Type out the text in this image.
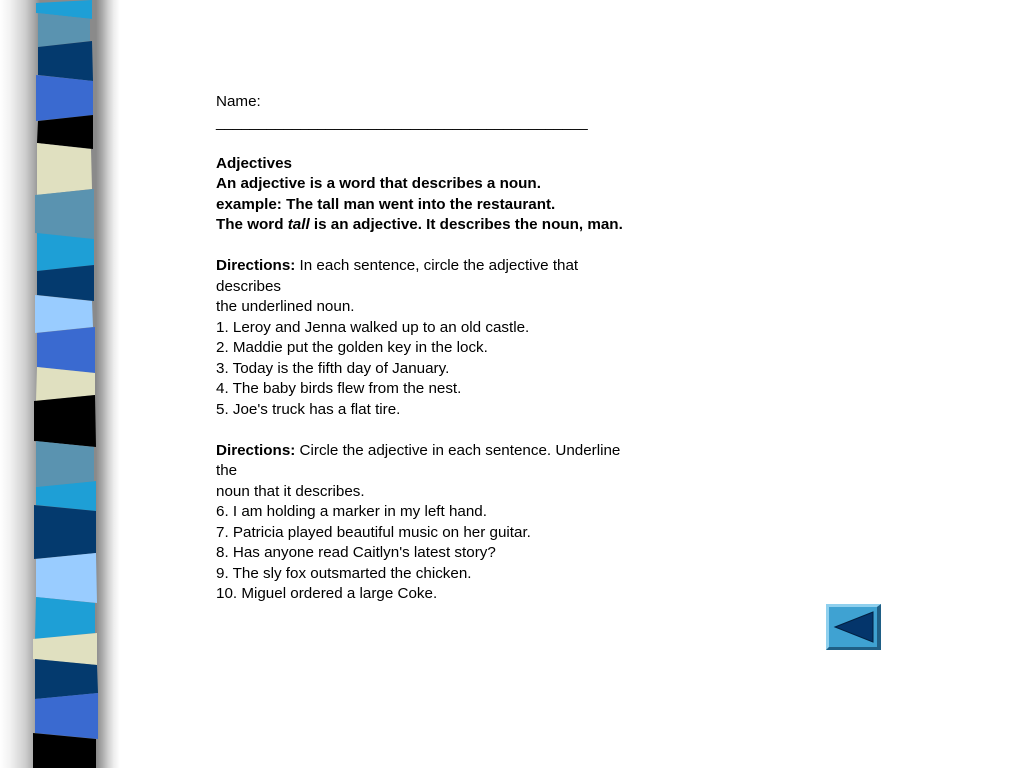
Name:

____________________________________________

Adjectives

An adjective is a word that describes a noun.

example: The tall man went into the restaurant.

The word tall is an adjective. It describes the noun, man.

Directions: In each sentence, circle the adjective that

describes

the underlined noun.

1. Leroy and Jenna walked up to an old castle.

2. Maddie put the golden key in the lock.

3. Today is the fifth day of January.

4. The baby birds flew from the nest.

5. Joe's truck has a flat tire.

Directions: Circle the adjective in each sentence. Underline

the

noun that it describes.

6. I am holding a marker in my left hand.

7. Patricia played beautiful music on her guitar.

8. Has anyone read Caitlyn's latest story?

9. The sly fox outsmarted the chicken.

10. Miguel ordered a large Coke.
